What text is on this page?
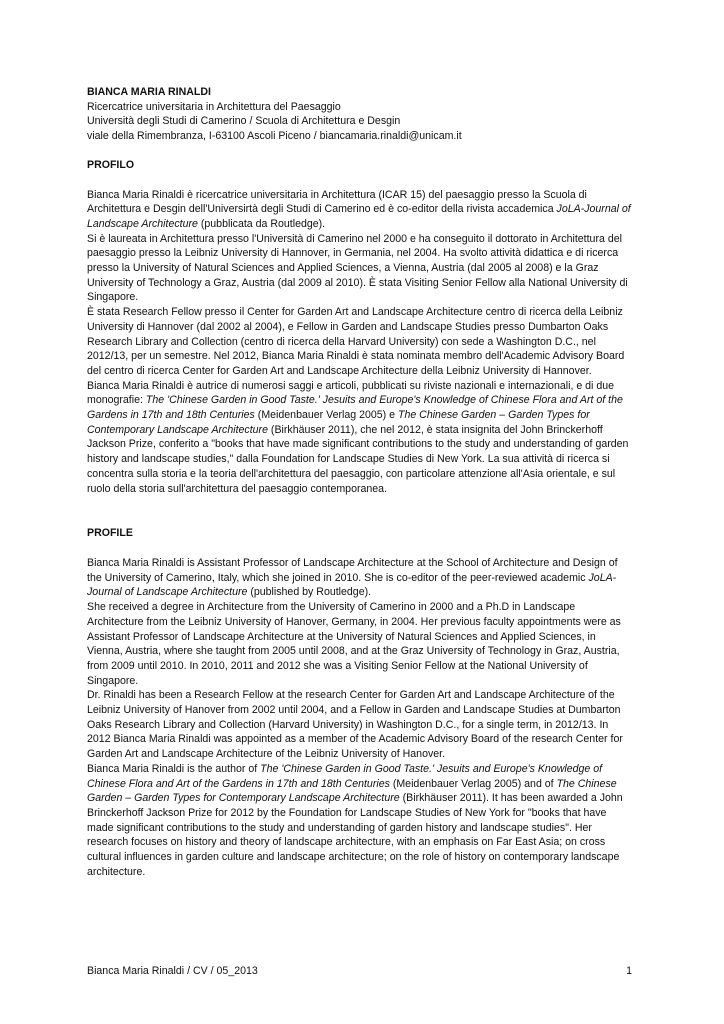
BIANCA MARIA RINALDI

Ricercatrice universitaria in Architettura del Paesaggio

Università degli Studi di Camerino / Scuola di Architettura e Desgin

viale della Rimembranza, I-63100 Ascoli Piceno / biancamaria.rinaldi@unicam.it

PROFILO

Bianca Maria Rinaldi è ricercatrice universitaria in Architettura (ICAR 15) del paesaggio presso la Scuola di Architettura e Desgin dell'Universirtà degli Studi di Camerino ed è co-editor della rivista accademica JoLA-Journal of Landscape Architecture (pubblicata da Routledge).

Si è laureata in Architettura presso l'Università di Camerino nel 2000 e ha conseguito il dottorato in Architettura del paesaggio presso la Leibniz University di Hannover, in Germania, nel 2004. Ha svolto attività didattica e di ricerca presso la University of Natural Sciences and Applied Sciences, a Vienna, Austria (dal 2005 al 2008) e la Graz University of Technology a Graz, Austria (dal 2009 al 2010). È stata Visiting Senior Fellow alla National University di Singapore.

È stata Research Fellow presso il Center for Garden Art and Landscape Architecture centro di ricerca della Leibniz University di Hannover (dal 2002 al 2004), e Fellow in Garden and Landscape Studies presso Dumbarton Oaks Research Library and Collection (centro di ricerca della Harvard University) con sede a Washington D.C., nel 2012/13, per un semestre. Nel 2012, Bianca Maria Rinaldi è stata nominata membro dell'Academic Advisory Board del centro di ricerca Center for Garden Art and Landscape Architecture della Leibniz University di Hannover.

Bianca Maria Rinaldi è autrice di numerosi saggi e articoli, pubblicati su riviste nazionali e internazionali, e di due monografie: The 'Chinese Garden in Good Taste.' Jesuits and Europe's Knowledge of Chinese Flora and Art of the Gardens in 17th and 18th Centuries (Meidenbauer Verlag 2005) e The Chinese Garden – Garden Types for Contemporary Landscape Architecture (Birkhäuser 2011), che nel 2012, è stata insignita del John Brinckerhoff Jackson Prize, conferito a "books that have made significant contributions to the study and understanding of garden history and landscape studies," dalla Foundation for Landscape Studies di New York. La sua attività di ricerca si concentra sulla storia e la teoria dell'architettura del paesaggio, con particolare attenzione all'Asia orientale, e sul ruolo della storia sull'architettura del paesaggio contemporanea.

PROFILE

Bianca Maria Rinaldi is Assistant Professor of Landscape Architecture at the School of Architecture and Design of the University of Camerino, Italy, which she joined in 2010. She is co-editor of the peer-reviewed academic JoLA-Journal of Landscape Architecture (published by Routledge).

She received a degree in Architecture from the University of Camerino in 2000 and a Ph.D in Landscape Architecture from the Leibniz University of Hanover, Germany, in 2004. Her previous faculty appointments were as Assistant Professor of Landscape Architecture at the University of Natural Sciences and Applied Sciences, in Vienna, Austria, where she taught from 2005 until 2008, and at the Graz University of Technology in Graz, Austria, from 2009 until 2010. In 2010, 2011 and 2012 she was a Visiting Senior Fellow at the National University of Singapore.

Dr. Rinaldi has been a Research Fellow at the research Center for Garden Art and Landscape Architecture of the Leibniz University of Hanover from 2002 until 2004, and a Fellow in Garden and Landscape Studies at Dumbarton Oaks Research Library and Collection (Harvard University) in Washington D.C., for a single term, in 2012/13. In 2012 Bianca Maria Rinaldi was appointed as a member of the Academic Advisory Board of the research Center for Garden Art and Landscape Architecture of the Leibniz University of Hanover.

Bianca Maria Rinaldi is the author of The 'Chinese Garden in Good Taste.' Jesuits and Europe's Knowledge of Chinese Flora and Art of the Gardens in 17th and 18th Centuries (Meidenbauer Verlag 2005) and of The Chinese Garden – Garden Types for Contemporary Landscape Architecture (Birkhäuser 2011). It has been awarded a John Brinckerhoff Jackson Prize for 2012 by the Foundation for Landscape Studies of New York for "books that have made significant contributions to the study and understanding of garden history and landscape studies". Her research focuses on history and theory of landscape architecture, with an emphasis on Far East Asia; on cross cultural influences in garden culture and landscape architecture; on the role of history on contemporary landscape architecture.

Bianca Maria Rinaldi / CV / 05_2013	1
